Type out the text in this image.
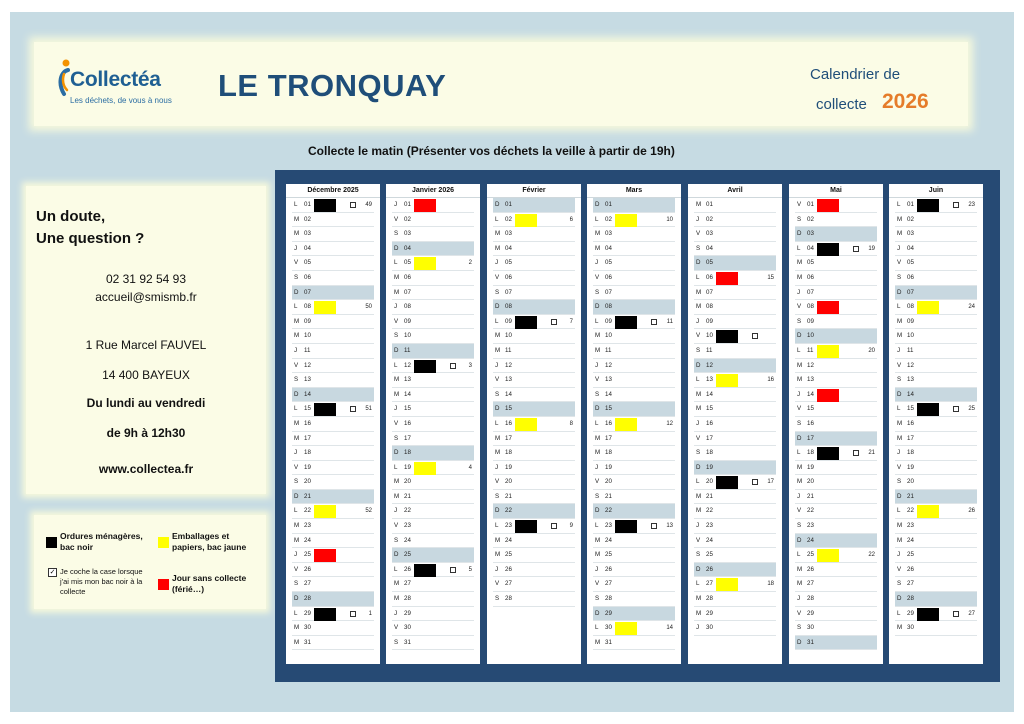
Collectéa
Les déchets, de vous à nous LE TRONQUAY	Calendrier de
collecte 2026
Collecte le matin (Présenter vos déchets la veille à partir de 19h)
Un doute,
Une question ?
02 31 92 54 93
accueil@smismb.fr
1 Rue Marcel FAUVEL
14 400 BAYEUX
Du lundi au vendredi
de 9h à 12h30
www.collectea.fr
Ordures ménagères, bac noir
Emballages et papiers, bac jaune
✓ Je coche la case lorsque j'ai mis mon bac noir à la collecte
Jour sans collecte (férié…)
Décembre 2025
L 01	49
M 02
M 03
J 04
V 05
S 06
D 07
L 08	50
M 09
M 10
J 11
V 12
S 13
D 14
L 15	51
M 16
M 17
J 18
V 19
S 20
D 21
L 22	52
M 23
M 24
J 25
V 26
S 27
D 28
L 29	1
M 30
M 31
Janvier 2026
J 01
V 02
S 03
D 04
L 05	2
M 06
M 07
J 08
V 09
S 10
D 11
L 12	3
M 13
M 14
J 15
V 16
S 17
D 18
L 19	4
M 20
M 21
J 22
V 23
S 24
D 25
L 26	5
M 27
M 28
J 29
V 30
S 31
Février
D 01
L 02	6
M 03
M 04
J 05
V 06
S 07
D 08
L 09	7
M 10
M 11
J 12
V 13
S 14
D 15
L 16	8
M 17
M 18
J 19
V 20
S 21
D 22
L 23	9
M 24
M 25
J 26
V 27
S 28
Mars
D 01
L 02	10
M 03
M 04
J 05
V 06
S 07
D 08
L 09	11
M 10
M 11
J 12
V 13
S 14
D 15
L 16	12
M 17
M 18
J 19
V 20
S 21
D 22
L 23	13
M 24
M 25
J 26
V 27
S 28
D 29
L 30	14
M 31
Avril
M 01
J 02
V 03
S 04
D 05
L 06	15
M 07
M 08
J 09
V 10
S 11
D 12
L 13	16
M 14
M 15
J 16
V 17
S 18
D 19
L 20	17
M 21
M 22
J 23
V 24
S 25
D 26
L 27	18
M 28
M 29
J 30
Mai
V 01
S 02
D 03
L 04	19
M 05
M 06
J 07
V 08
S 09
D 10
L 11	20
M 12
M 13
J 14
V 15
S 16
D 17
L 18	21
M 19
M 20
J 21
V 22
S 23
D 24
L 25	22
M 26
M 27
J 28
V 29
S 30
D 31
Juin
L 01	23
M 02
M 03
J 04
V 05
S 06
D 07
L 08	24
M 09
M 10
J 11
V 12
S 13
D 14
L 15	25
M 16
M 17
J 18
V 19
S 20
D 21
L 22	26
M 23
M 24
J 25
V 26
S 27
D 28
L 29	27
M 30
